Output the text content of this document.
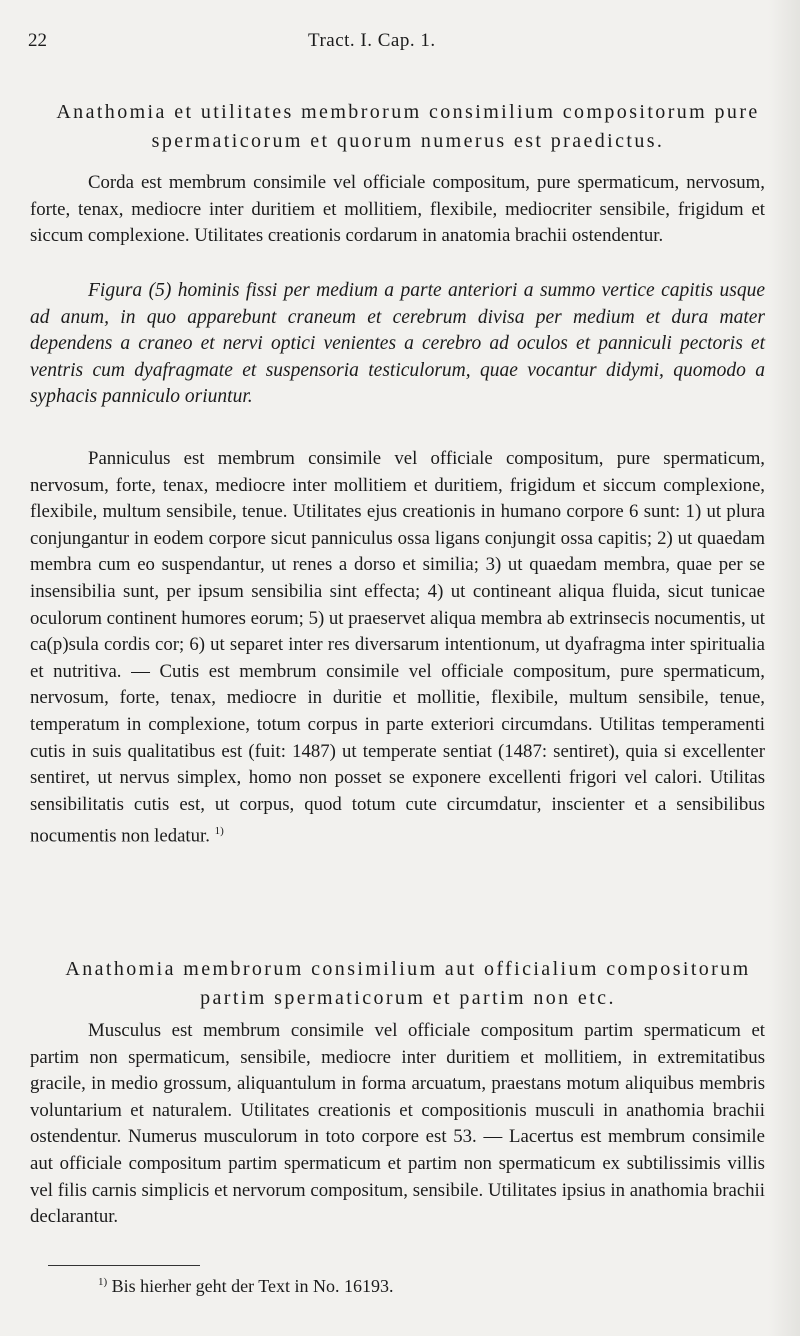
22	Tract. I. Cap. 1.
Anathomia et utilitates membrorum consimilium compositorum pure spermaticorum et quorum numerus est praedictus.
Corda est membrum consimile vel officiale compositum, pure spermaticum, nervosum, forte, tenax, mediocre inter duritiem et mollitiem, flexibile, mediocriter sensibile, frigidum et siccum complexione. Utilitates creationis cordarum in anatomia brachii ostendentur.
Figura (5) hominis fissi per medium a parte anteriori a summo vertice capitis usque ad anum, in quo apparebunt craneum et cerebrum divisa per medium et dura mater dependens a craneo et nervi optici venientes a cerebro ad oculos et panniculi pectoris et ventris cum dyafragmate et suspensoria testiculorum, quae vocantur didymi, quomodo a syphacis panniculo oriuntur.
Panniculus est membrum consimile vel officiale compositum, pure spermaticum, nervosum, forte, tenax, mediocre inter mollitiem et duritiem, frigidum et siccum complexione, flexibile, multum sensibile, tenue. Utilitates ejus creationis in humano corpore 6 sunt: 1) ut plura conjungantur in eodem corpore sicut panniculus ossa ligans conjungit ossa capitis; 2) ut quaedam membra cum eo suspendantur, ut renes a dorso et similia; 3) ut quaedam membra, quae per se insensibilia sunt, per ipsum sensibilia sint effecta; 4) ut contineant aliqua fluida, sicut tunicae oculorum continent humores eorum; 5) ut praeservet aliqua membra ab extrinsecis nocumentis, ut ca(p)sula cordis cor; 6) ut separet inter res diversarum intentionum, ut dyafragma inter spiritualia et nutritiva. — Cutis est membrum consimile vel officiale compositum, pure spermaticum, nervosum, forte, tenax, mediocre in duritie et mollitie, flexibile, multum sensibile, tenue, temperatum in complexione, totum corpus in parte exteriori circumdans. Utilitas temperamenti cutis in suis qualitatibus est (fuit: 1487) ut temperate sentiat (1487: sentiret), quia si excellenter sentiret, ut nervus simplex, homo non posset se exponere excellenti frigori vel calori. Utilitas sensibilitatis cutis est, ut corpus, quod totum cute circumdatur, inscienter et a sensibilibus nocumentis non ledatur. $^{1)}$
Anathomia membrorum consimilium aut officialium compositorum partim spermaticorum et partim non etc.
Musculus est membrum consimile vel officiale compositum partim spermaticum et partim non spermaticum, sensibile, mediocre inter duritiem et mollitiem, in extremitatibus gracile, in medio grossum, aliquantulum in forma arcuatum, praestans motum aliquibus membris voluntarium et naturalem. Utilitates creationis et compositionis musculi in anathomia brachii ostendentur. Numerus musculorum in toto corpore est 53. — Lacertus est membrum consimile aut officiale compositum partim spermaticum et partim non spermaticum ex subtilissimis villis vel filis carnis simplicis et nervorum compositum, sensibile. Utilitates ipsius in anathomia brachii declarantur.
$^{1)}$ Bis hierher geht der Text in No. 16193.
